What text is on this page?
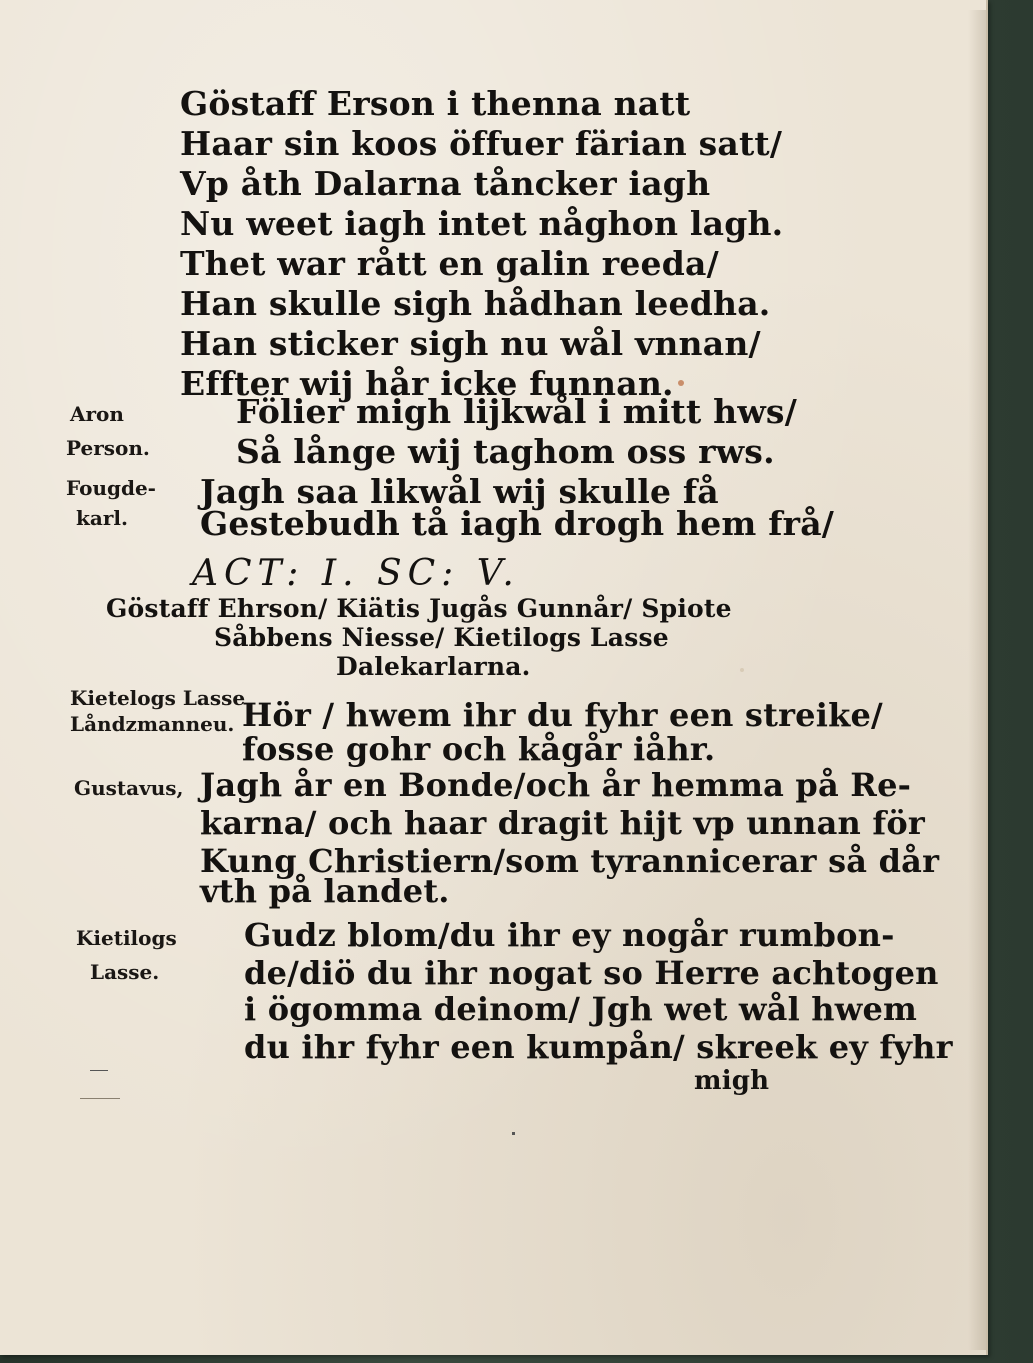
Göstaff Erson i thenna natt
Haar sin koos öffuer färian satt/
Vp åth Dalarna tåncker iagh
Nu weet iagh intet någhon lagh.
Thet war rått en galin reeda/
Han skulle sigh hådhan leedha.
Han sticker sigh nu wål vnnan/
Effter wij hår icke funnan.
Aron
Person.
Fougde-
karl.
Fölier migh lijkwål i mitt hws/
Så långe wij taghom oss rws.
Jagh saa likwål wij skulle få
Gestebudh tå iagh drogh hem frå/
ACT: I. SC: V.
Göstaff Ehrson/ Kiätis Jugås Gunnår/ Spiote
Såbbens Niesse/ Kietilogs Lasse
Dalekarlarna.
Kietelogs Lasse
Låndzmanneu. Hör / hwem ihr du fyhr een streike/
fosse gohr och kågår iåhr.
Gustavus, Jagh år en Bonde/och år hemma på Re-
karna/ och haar dragit hijt vp unnan för
Kung Christiern/som tyrannicerar så dår
vth på landet.
Kietilogs
Lasse.
Gudz blom/du ihr ey nogår rumbon-
de/diö du ihr nogat so Herre achtogen
i ögomma deinom/ Jgh wet wål hwem
du ihr fyhr een kumpån/ skreek ey fyhr
migh
